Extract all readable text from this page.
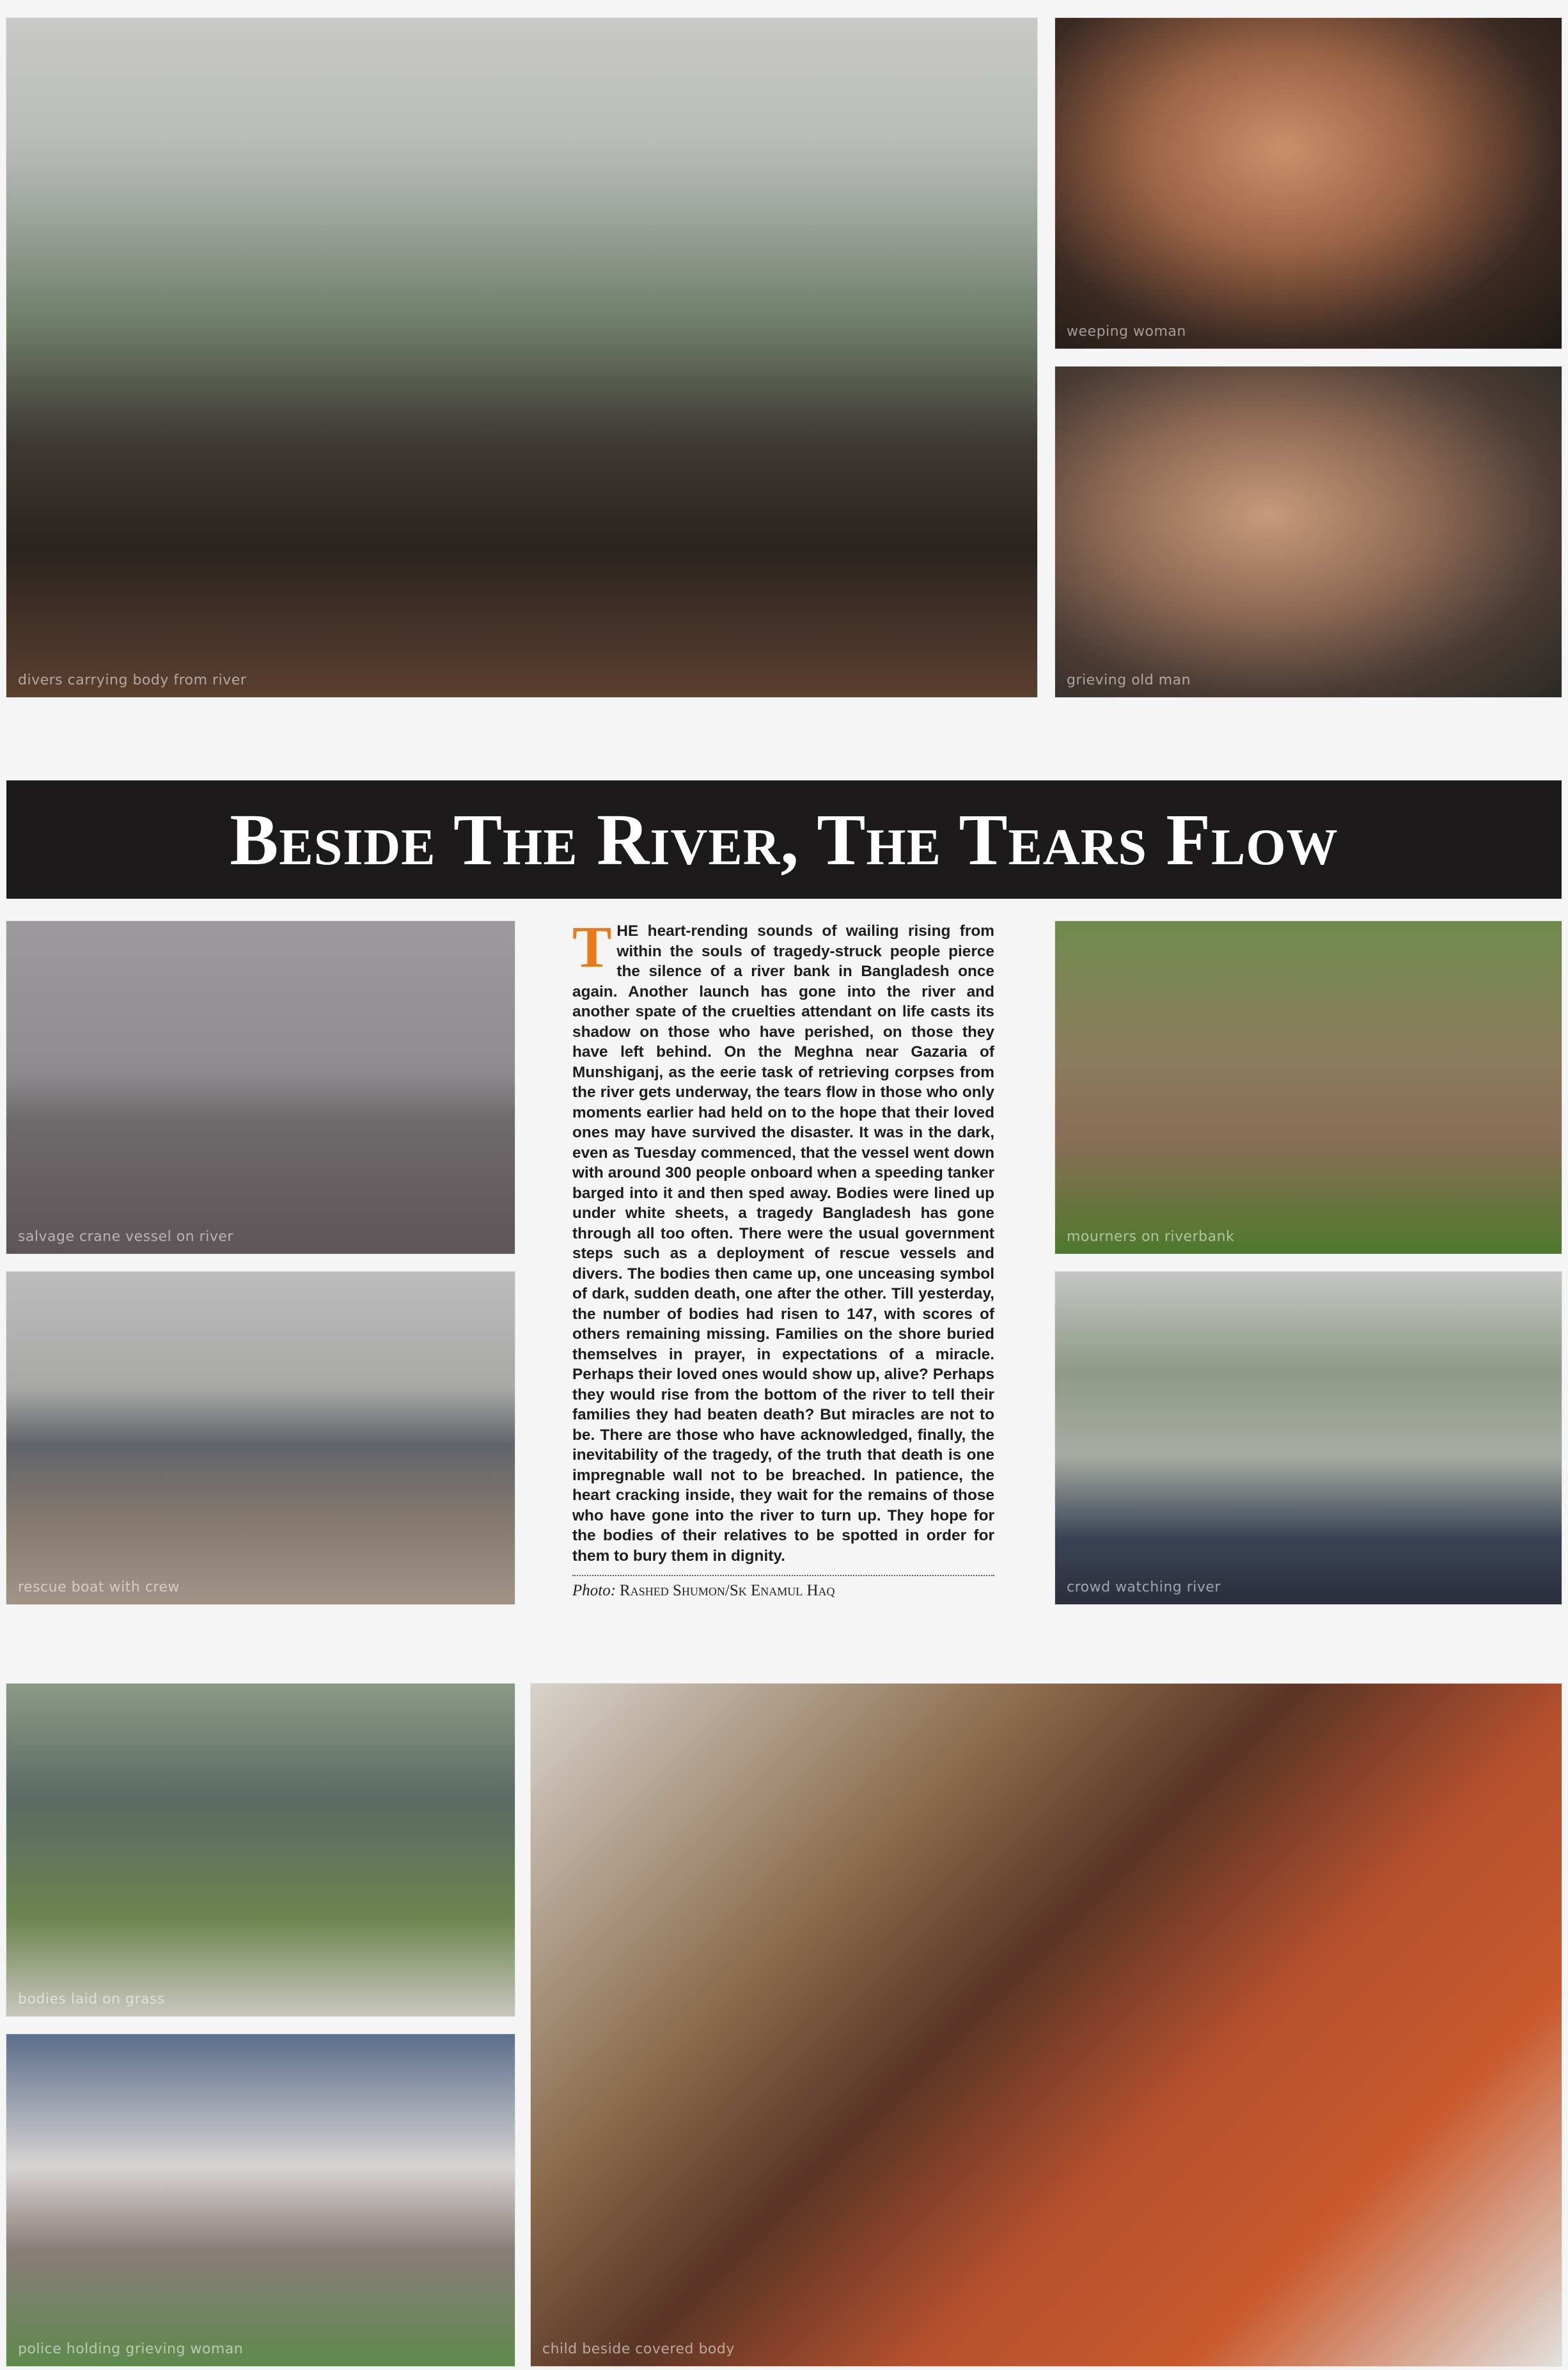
divers carrying body from river
weeping woman
grieving old man
Beside The River, The Tears Flow
salvage crane vessel on river
rescue boat with crew
THE heart-rending sounds of wailing rising from within the souls of tragedy-struck people pierce the silence of a river bank in Bangladesh once again. Another launch has gone into the river and another spate of the cruelties attendant on life casts its shadow on those who have perished, on those they have left behind. On the Meghna near Gazaria of Munshiganj, as the eerie task of retrieving corpses from the river gets underway, the tears flow in those who only moments earlier had held on to the hope that their loved ones may have survived the disaster. It was in the dark, even as Tuesday commenced, that the vessel went down with around 300 people onboard when a speeding tanker barged into it and then sped away. Bodies were lined up under white sheets, a tragedy Bangladesh has gone through all too often. There were the usual government steps such as a deployment of rescue vessels and divers. The bodies then came up, one unceasing symbol of dark, sudden death, one after the other. Till yesterday, the number of bodies had risen to 147, with scores of others remaining missing. Families on the shore buried themselves in prayer, in expectations of a miracle. Perhaps their loved ones would show up, alive? Perhaps they would rise from the bottom of the river to tell their families they had beaten death? But miracles are not to be. There are those who have acknowledged, finally, the inevitability of the tragedy, of the truth that death is one impregnable wall not to be breached. In patience, the heart cracking inside, they wait for the remains of those who have gone into the river to turn up. They hope for the bodies of their relatives to be spotted in order for them to bury them in dignity.
Photo: Rashed Shumon/Sk Enamul Haq
mourners on riverbank
crowd watching river
bodies laid on grass
police holding grieving woman	child beside covered body
